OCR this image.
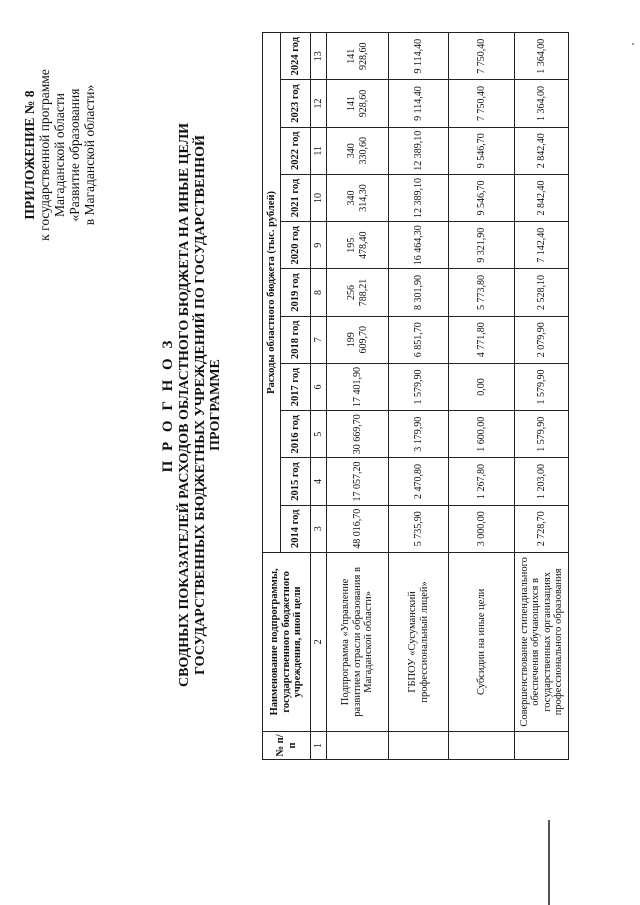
ПРИЛОЖЕНИЕ № 8 к государственной программе Магаданской области «Развитие образования в Магаданской области»
П Р О Г Н О З СВОДНЫХ ПОКАЗАТЕЛЕЙ РАСХОДОВ ОБЛАСТНОГО БЮДЖЕТА НА ИНЫЕ ЦЕЛИ ГОСУДАРСТВЕННЫХ БЮДЖЕТНЫХ УЧРЕЖДЕНИЙ ПО ГОСУДАРСТВЕННОЙ ПРОГРАММЕ
№ п/п	Наименование подпрограммы, государственного бюджетного учреждения, иной цели	Расходы областного бюджета (тыс. рублей)										
		2014 год	2015 год	2016 год	2017 год	2018 год	2019 год	2020 год	2021 год	2022 год	2023 год	2024 год
1	2	3	4	5	6	7	8	9	10	11	12	13
	Подпрограмма «Управление развитием отрасли образования в Магаданской области»	48 016,70	17 057,20	30 669,70	17 401,90	199 609,70	256 788,21	195 478,40	340 314,30	340 330,60	141 928,60	141 928,60
	ГБПОУ «Сусуманский профессиональный лицей»	5 735,90	2 470,80	3 179,90	1 579,90	6 851,70	8 301,90	16 464,30	12 389,10	12 389,10	9 114,40	9 114,40
	Субсидии на иные цели	3 000,00	1 267,80	1 600,00	0,00	4 771,80	5 773,80	9 321,90	9 546,70	9 546,70	7 750,40	7 750,40
	Совершенствование стипендиального обеспечения обучающихся в государственных организациях профессионального образования	2 728,70	1 203,00	1 579,90	1 579,90	2 079,90	2 528,10	7 142,40	2 842,40	2 842,40	1 364,00	1 364,00
